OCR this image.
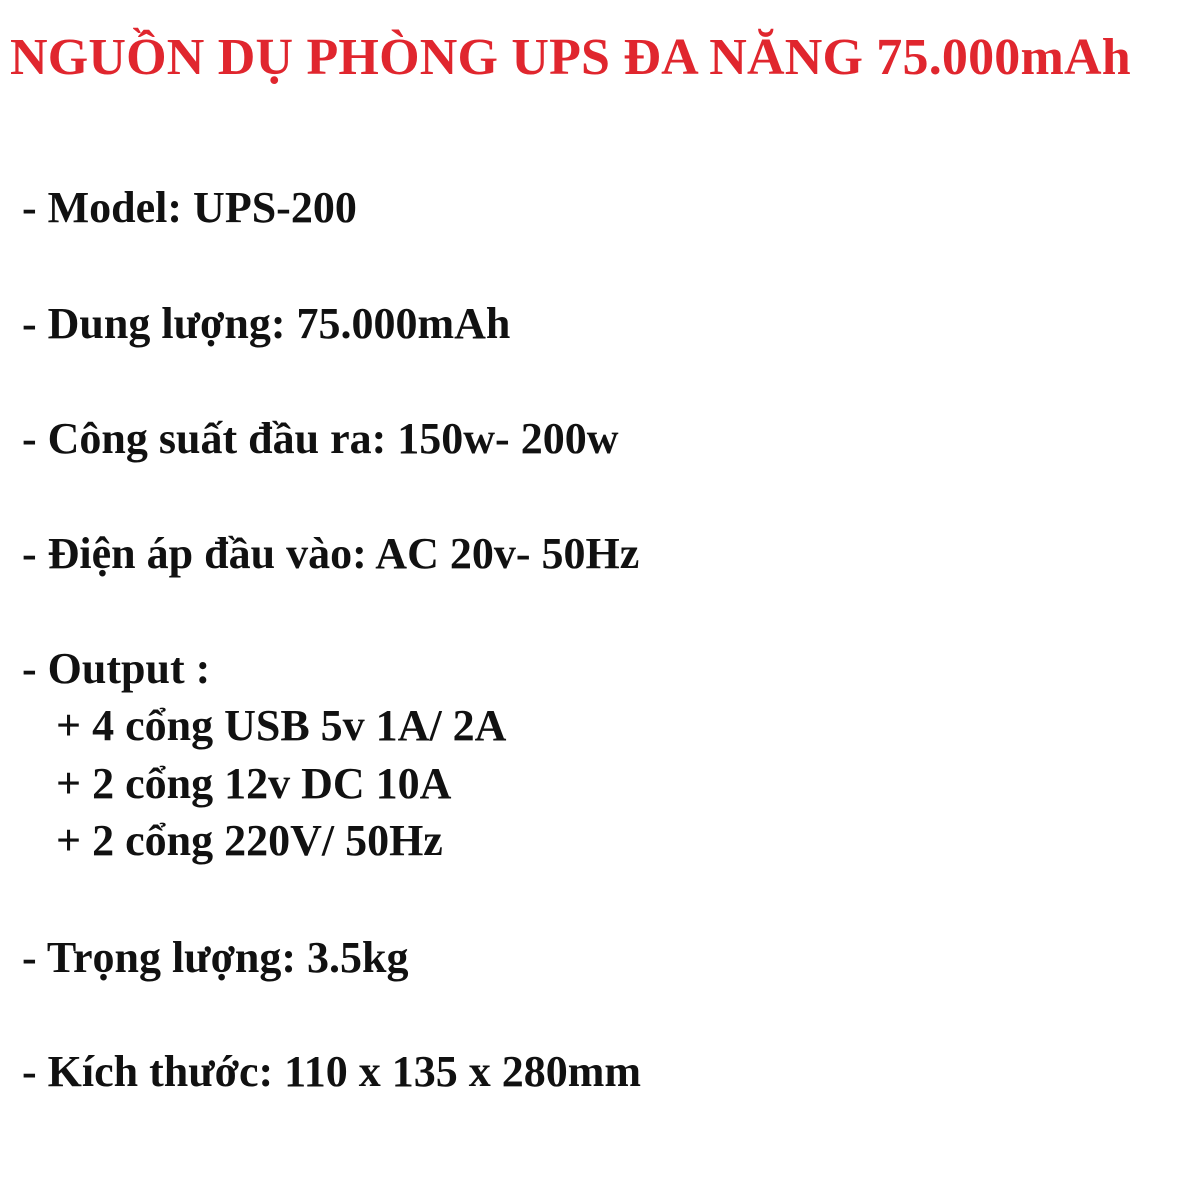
NGUỒN DỤ PHÒNG UPS ĐA NĂNG 75.000mAh

- Model: UPS-200

- Dung lượng: 75.000mAh

- Công suất đầu ra: 150w- 200w

- Điện áp đầu vào: AC 20v- 50Hz

- Output :

+ 4 cổng USB 5v 1A/ 2A

+ 2 cổng 12v DC 10A

+ 2 cổng 220V/ 50Hz

- Trọng lượng: 3.5kg

- Kích thước: 110 x 135 x 280mm
